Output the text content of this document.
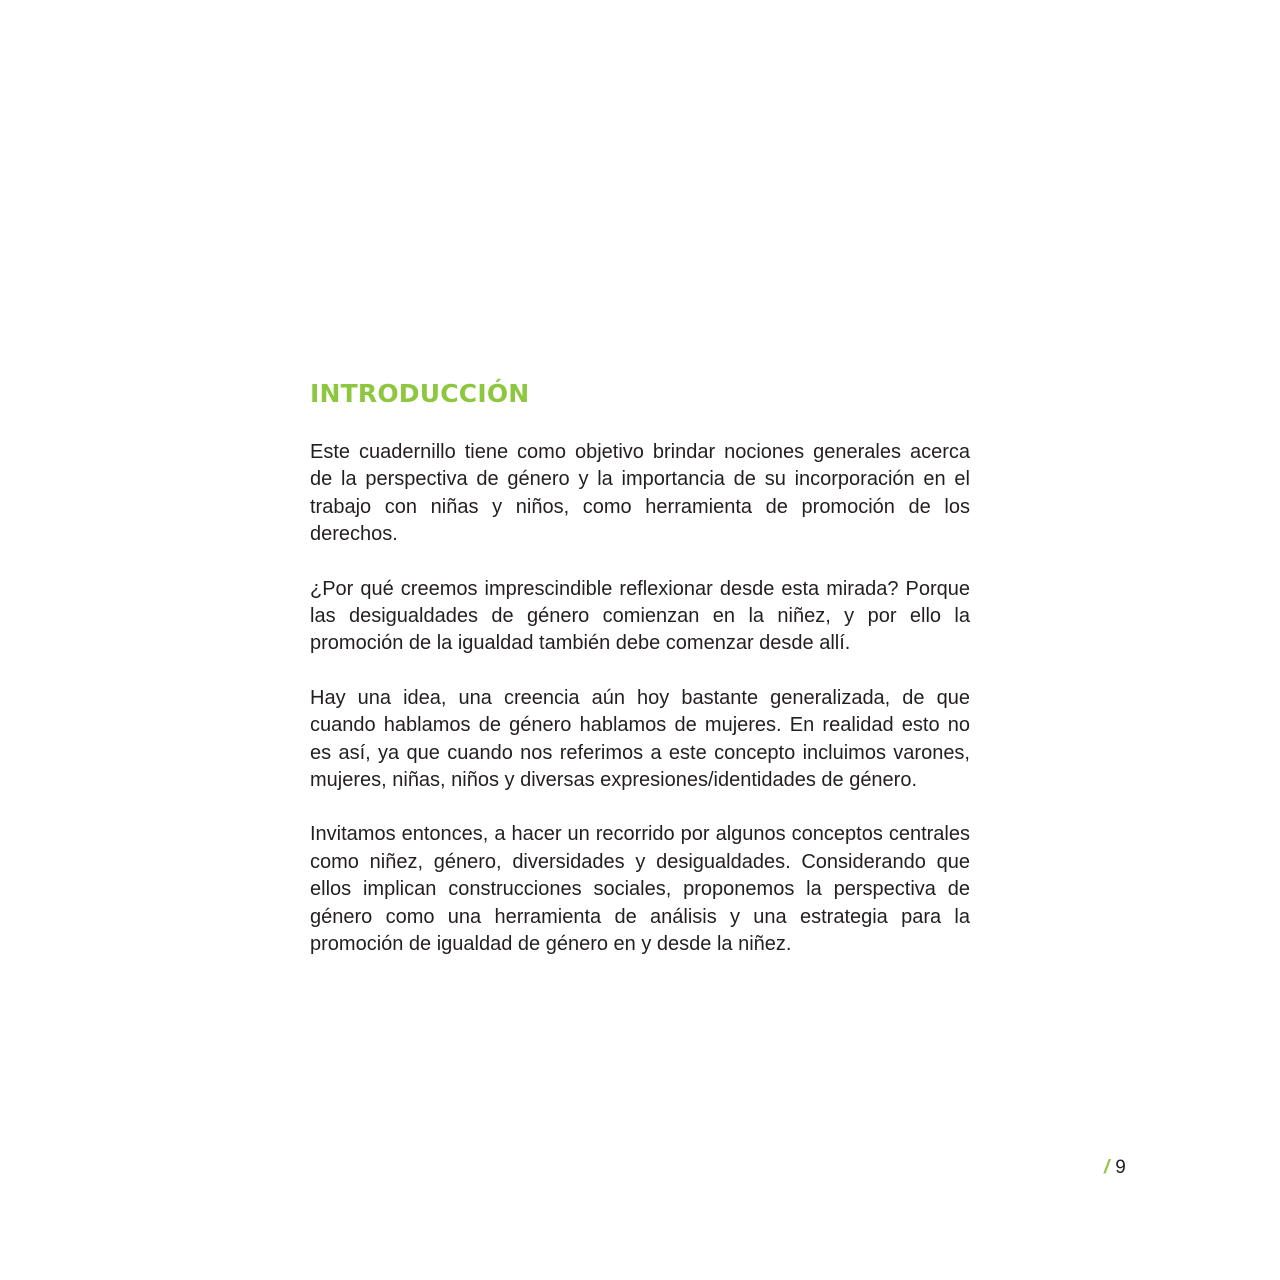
INTRODUCCIÓN

Este cuadernillo tiene como objetivo brindar nociones generales acerca de la perspectiva de género y la importancia de su incorporación en el trabajo con niñas y niños, como herramienta de promoción de los derechos.

¿Por qué creemos imprescindible reflexionar desde esta mirada? Porque las desigualdades de género comienzan en la niñez, y por ello la promoción de la igualdad también debe comenzar desde allí.

Hay una idea, una creencia aún hoy bastante generalizada, de que cuando hablamos de género hablamos de mujeres. En realidad esto no es así, ya que cuando nos referimos a este concepto incluimos varones, mujeres, niñas, niños y diversas expresiones/identidades de género.

Invitamos entonces, a hacer un recorrido por algunos conceptos centrales como niñez, género, diversidades y desigualdades. Considerando que ellos implican construcciones sociales, proponemos la perspectiva de género como una herramienta de análisis y una estrategia para la promoción de igualdad de género en y desde la niñez.

/ 9
